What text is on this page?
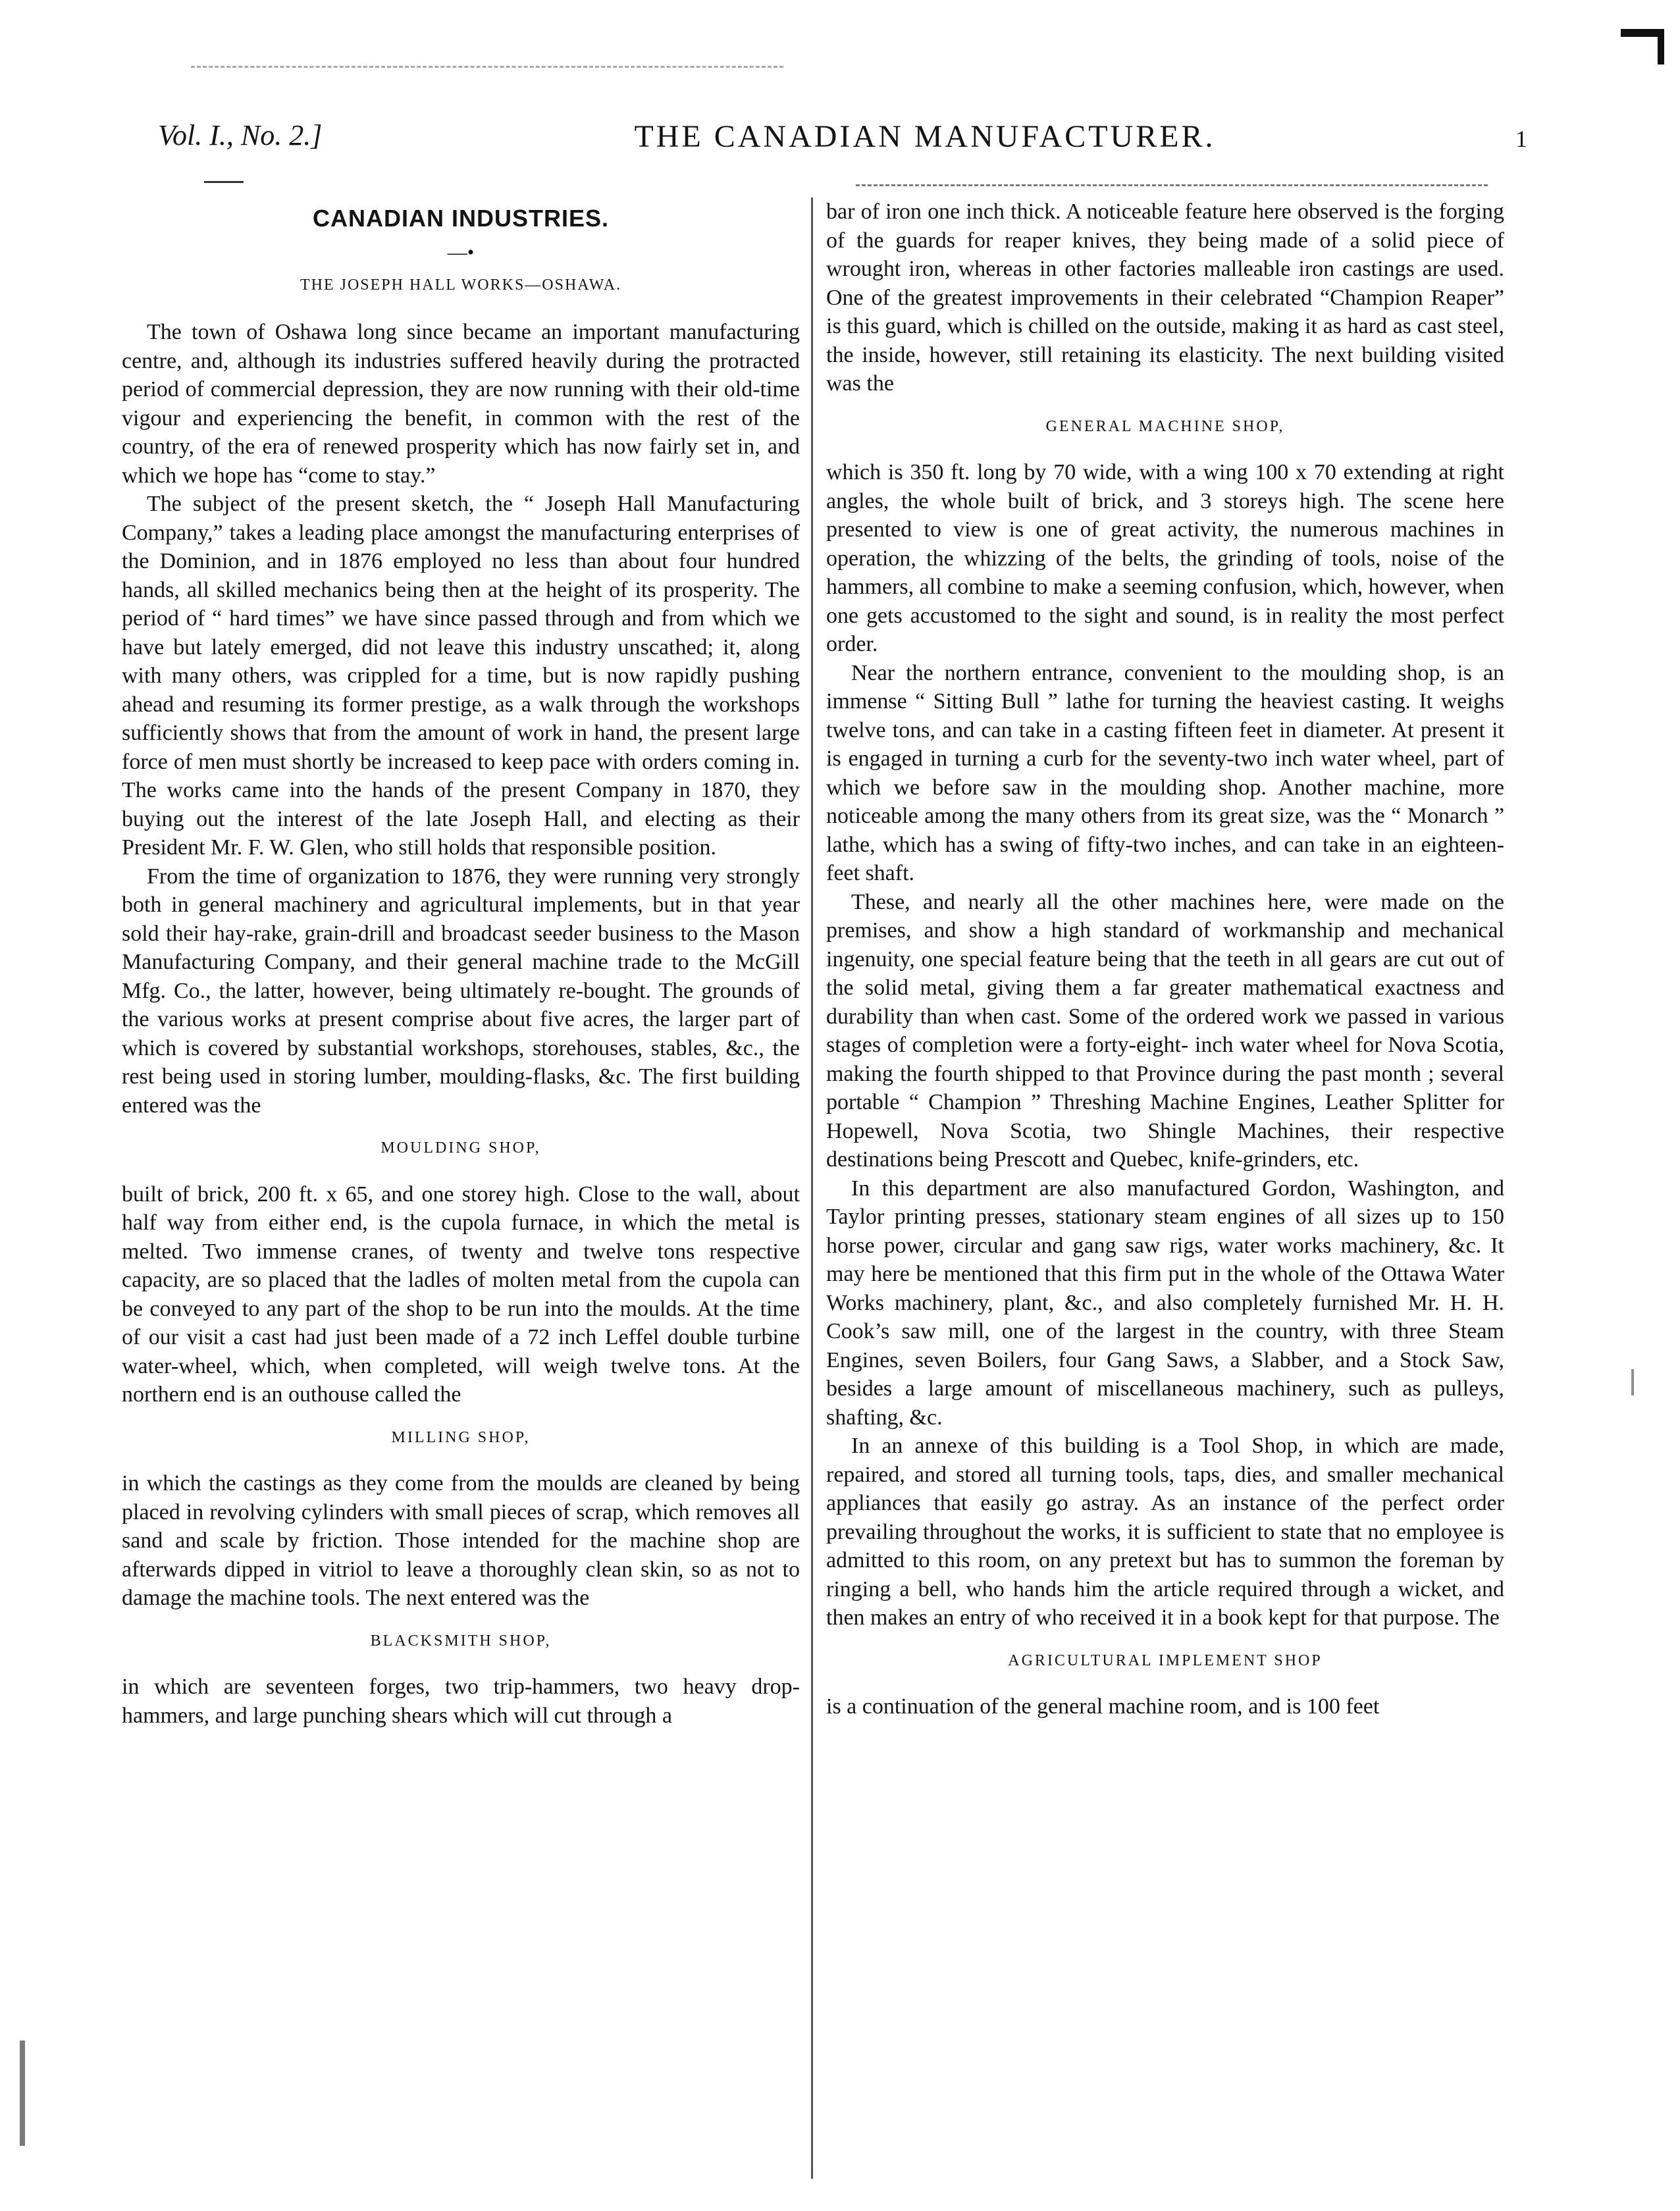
Vol. I., No. 2.]	THE CANADIAN MANUFACTURER.	1
CANADIAN INDUSTRIES.
—•
THE JOSEPH HALL WORKS—OSHAWA.

The town of Oshawa long since became an important manufacturing centre, and, although its industries suffered heavily during the protracted period of commercial depression, they are now running with their old-time vigour and experiencing the benefit, in common with the rest of the country, of the era of renewed prosperity which has now fairly set in, and which we hope has “come to stay.”

The subject of the present sketch, the “ Joseph Hall Manufacturing Company,” takes a leading place amongst the manufacturing enterprises of the Dominion, and in 1876 employed no less than about four hundred hands, all skilled mechanics being then at the height of its prosperity. The period of “ hard times” we have since passed through and from which we have but lately emerged, did not leave this industry unscathed; it, along with many others, was crippled for a time, but is now rapidly pushing ahead and resuming its former prestige, as a walk through the workshops sufficiently shows that from the amount of work in hand, the present large force of men must shortly be increased to keep pace with orders coming in. The works came into the hands of the present Company in 1870, they buying out the interest of the late Joseph Hall, and electing as their President Mr. F. W. Glen, who still holds that responsible position.

From the time of organization to 1876, they were running very strongly both in general machinery and agricultural implements, but in that year sold their hay-rake, grain-drill and broadcast seeder business to the Mason Manufacturing Company, and their general machine trade to the McGill Mfg. Co., the latter, however, being ultimately re-bought. The grounds of the various works at present comprise about five acres, the larger part of which is covered by substantial workshops, storehouses, stables, &c., the rest being used in storing lumber, moulding-flasks, &c. The first building entered was the

MOULDING SHOP,

built of brick, 200 ft. x 65, and one storey high. Close to the wall, about half way from either end, is the cupola furnace, in which the metal is melted. Two immense cranes, of twenty and twelve tons respective capacity, are so placed that the ladles of molten metal from the cupola can be conveyed to any part of the shop to be run into the moulds. At the time of our visit a cast had just been made of a 72 inch Leffel double turbine water-wheel, which, when completed, will weigh twelve tons. At the northern end is an outhouse called the

MILLING SHOP,

in which the castings as they come from the moulds are cleaned by being placed in revolving cylinders with small pieces of scrap, which removes all sand and scale by friction. Those intended for the machine shop are afterwards dipped in vitriol to leave a thoroughly clean skin, so as not to damage the machine tools. The next entered was the

BLACKSMITH SHOP,

in which are seventeen forges, two trip-hammers, two heavy drop-hammers, and large punching shears which will cut through a

bar of iron one inch thick. A noticeable feature here observed is the forging of the guards for reaper knives, they being made of a solid piece of wrought iron, whereas in other factories malleable iron castings are used. One of the greatest improvements in their celebrated “Champion Reaper” is this guard, which is chilled on the outside, making it as hard as cast steel, the inside, however, still retaining its elasticity. The next building visited was the

GENERAL MACHINE SHOP,

which is 350 ft. long by 70 wide, with a wing 100 x 70 extending at right angles, the whole built of brick, and 3 storeys high. The scene here presented to view is one of great activity, the numerous machines in operation, the whizzing of the belts, the grinding of tools, noise of the hammers, all combine to make a seeming confusion, which, however, when one gets accustomed to the sight and sound, is in reality the most perfect order.

Near the northern entrance, convenient to the moulding shop, is an immense “ Sitting Bull ” lathe for turning the heaviest casting. It weighs twelve tons, and can take in a casting fifteen feet in diameter. At present it is engaged in turning a curb for the seventy-two inch water wheel, part of which we before saw in the moulding shop. Another machine, more noticeable among the many others from its great size, was the “ Monarch ” lathe, which has a swing of fifty-two inches, and can take in an eighteen-feet shaft.

These, and nearly all the other machines here, were made on the premises, and show a high standard of workmanship and mechanical ingenuity, one special feature being that the teeth in all gears are cut out of the solid metal, giving them a far greater mathematical exactness and durability than when cast. Some of the ordered work we passed in various stages of completion were a forty-eight- inch water wheel for Nova Scotia, making the fourth shipped to that Province during the past month ; several portable “ Champion ” Threshing Machine Engines, Leather Splitter for Hopewell, Nova Scotia, two Shingle Machines, their respective destinations being Prescott and Quebec, knife-grinders, etc.

In this department are also manufactured Gordon, Washington, and Taylor printing presses, stationary steam engines of all sizes up to 150 horse power, circular and gang saw rigs, water works machinery, &c. It may here be mentioned that this firm put in the whole of the Ottawa Water Works machinery, plant, &c., and also completely furnished Mr. H. H. Cook’s saw mill, one of the largest in the country, with three Steam Engines, seven Boilers, four Gang Saws, a Slabber, and a Stock Saw, besides a large amount of miscellaneous machinery, such as pulleys, shafting, &c.

In an annexe of this building is a Tool Shop, in which are made, repaired, and stored all turning tools, taps, dies, and smaller mechanical appliances that easily go astray. As an instance of the perfect order prevailing throughout the works, it is sufficient to state that no employee is admitted to this room, on any pretext but has to summon the foreman by ringing a bell, who hands him the article required through a wicket, and then makes an entry of who received it in a book kept for that purpose. The

AGRICULTURAL IMPLEMENT SHOP

is a continuation of the general machine room, and is 100 feet
